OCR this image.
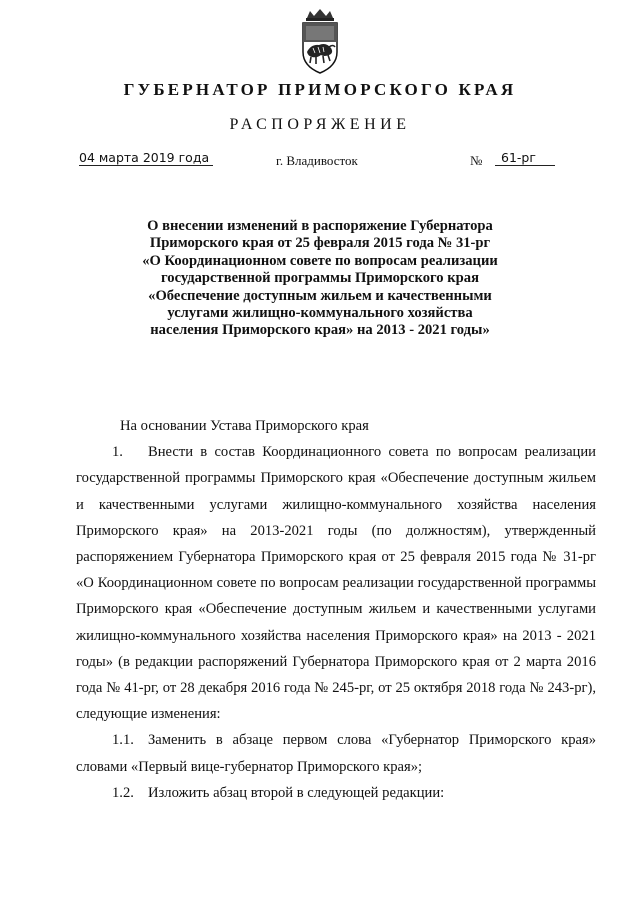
ГУБЕРНАТОР ПРИМОРСКОГО КРАЯ
РАСПОРЯЖЕНИЕ
04 марта 2019 года	г. Владивосток	№	61-рг
О внесении изменений в распоряжение Губернатора
Приморского края от 25 февраля 2015 года № 31-рг
«О Координационном совете по вопросам реализации
государственной программы Приморского края
«Обеспечение доступным жильем и качественными
услугами жилищно-коммунального хозяйства
населения Приморского края» на 2013 - 2021 годы»

На основании Устава Приморского края

1. Внести в состав Координационного совета по вопросам реализации государственной программы Приморского края «Обеспечение доступным жильем и качественными услугами жилищно-коммунального хозяйства населения Приморского края» на 2013-2021 годы (по должностям), утвержденный распоряжением Губернатора Приморского края от 25 февраля 2015 года № 31-рг «О Координационном совете по вопросам реализации государственной программы Приморского края «Обеспечение доступным жильем и качественными услугами жилищно-коммунального хозяйства населения Приморского края» на 2013 - 2021 годы» (в редакции распоряжений Губернатора Приморского края от 2 марта 2016 года № 41-рг, от 28 декабря 2016 года № 245-рг, от 25 октября 2018 года № 243-рг), следующие изменения:

1.1. Заменить в абзаце первом слова «Губернатор Приморского края» словами «Первый вице-губернатор Приморского края»;

1.2. Изложить абзац второй в следующей редакции:
